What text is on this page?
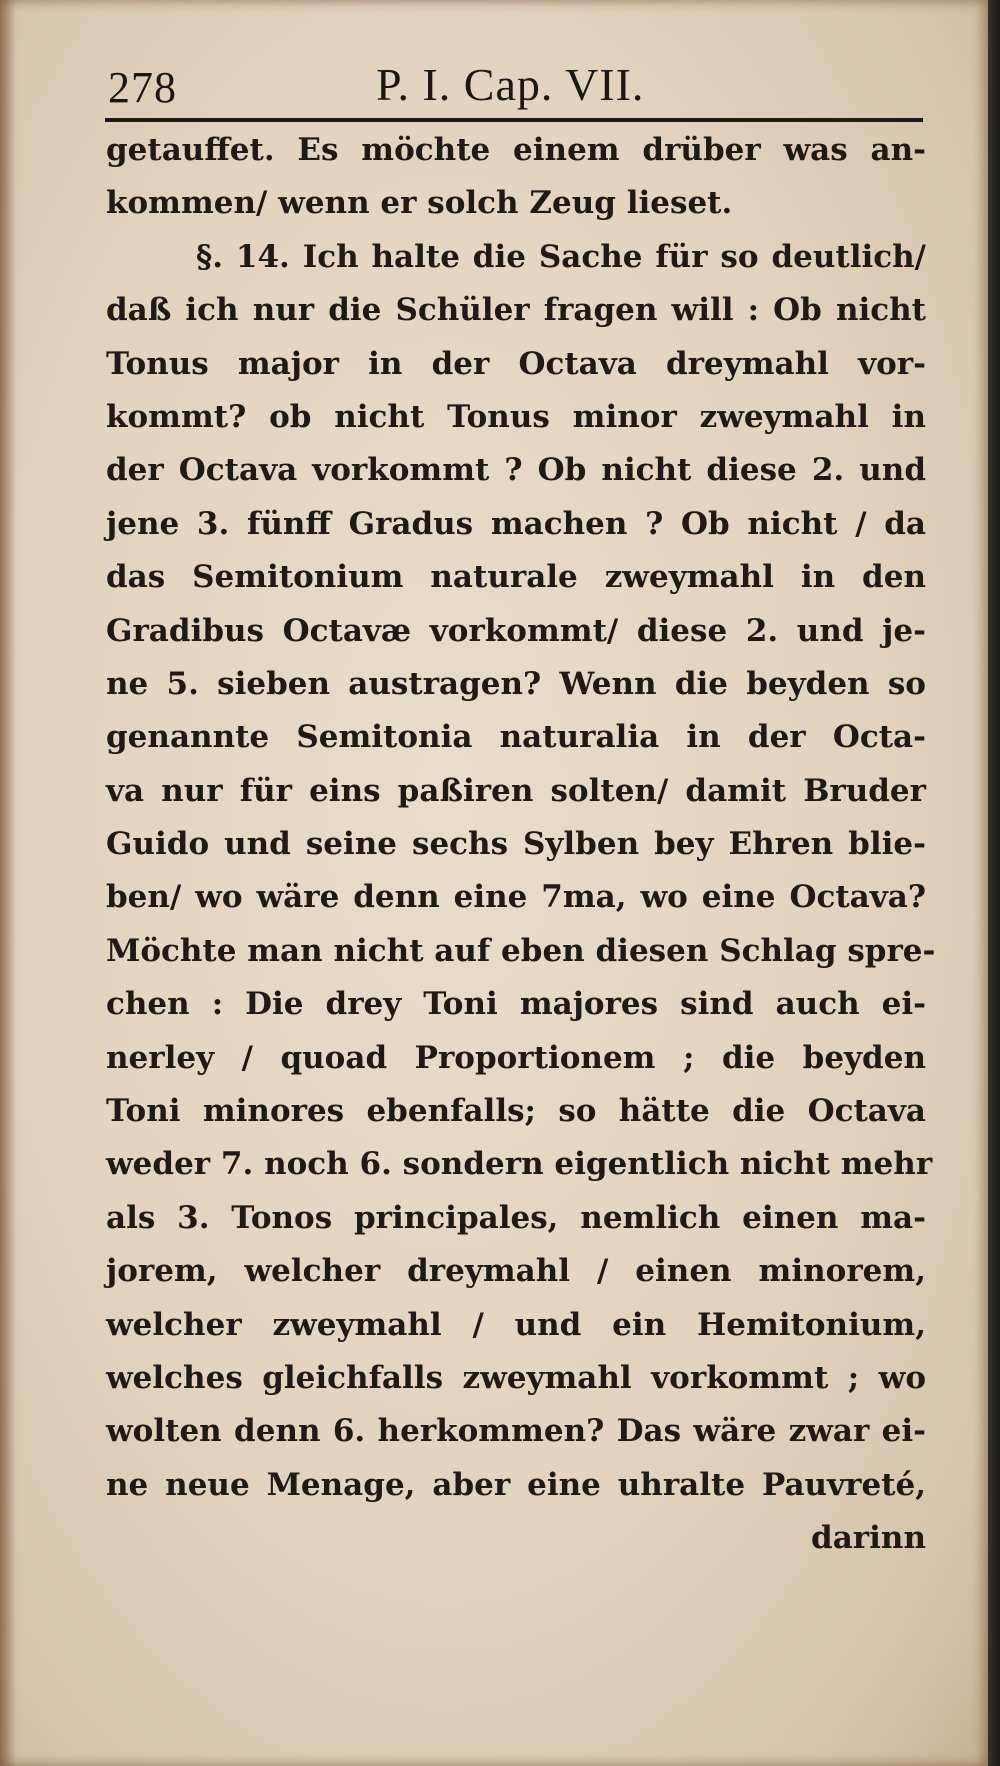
278	P. I. Cap. VII.
getauffet. Es möchte einem drüber was an-
kommen/ wenn er solch Zeug lieset.
§. 14. Ich halte die Sache für so deutlich/
daß ich nur die Schüler fragen will : Ob nicht
Tonus major in der Octava dreymahl vor-
kommt? ob nicht Tonus minor zweymahl in
der Octava vorkommt ? Ob nicht diese 2. und
jene 3. fünff Gradus machen ? Ob nicht / da
das Semitonium naturale zweymahl in den
Gradibus Octavæ vorkommt/ diese 2. und je-
ne 5. sieben austragen? Wenn die beyden so
genannte Semitonia naturalia in der Octa-
va nur für eins paßiren solten/ damit Bruder
Guido und seine sechs Sylben bey Ehren blie-
ben/ wo wäre denn eine 7ma, wo eine Octava?
Möchte man nicht auf eben diesen Schlag spre-
chen : Die drey Toni majores sind auch ei-
nerley / quoad Proportionem ; die beyden
Toni minores ebenfalls; so hätte die Octava
weder 7. noch 6. sondern eigentlich nicht mehr
als 3. Tonos principales, nemlich einen ma-
jorem, welcher dreymahl / einen minorem,
welcher zweymahl / und ein Hemitonium,
welches gleichfalls zweymahl vorkommt ; wo
wolten denn 6. herkommen? Das wäre zwar ei-
ne neue Menage, aber eine uhralte Pauvreté,
darinn
